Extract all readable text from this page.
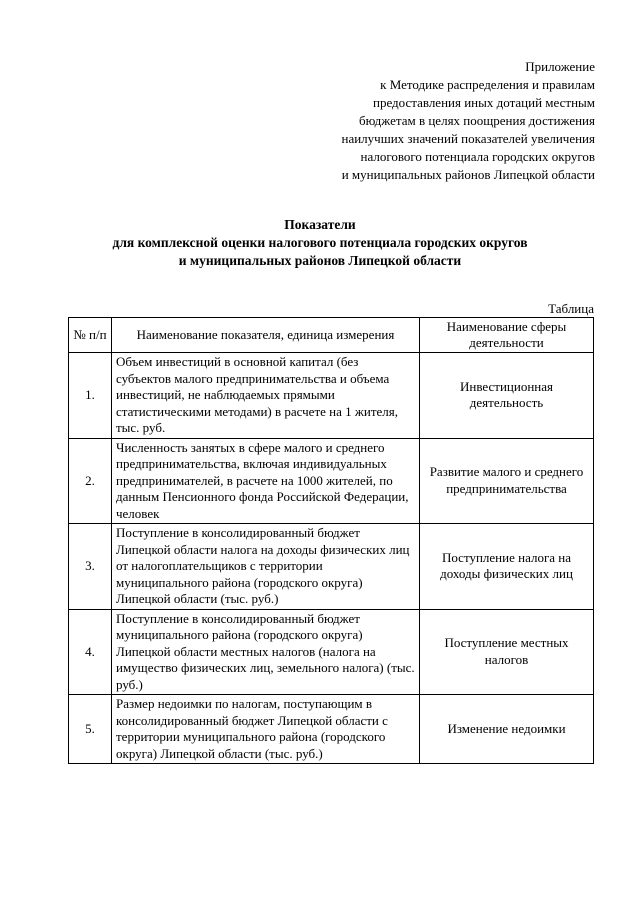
Приложение
к Методике распределения и правилам
предоставления иных дотаций местным
бюджетам в целях поощрения достижения
наилучших значений показателей увеличения
налогового потенциала городских округов
и муниципальных районов Липецкой области
Показатели
для комплексной оценки налогового потенциала городских округов
и муниципальных районов Липецкой области
Таблица
№ п/п	Наименование показателя, единица измерения	Наименование сферы деятельности
1.	Объем инвестиций в основной капитал (без субъектов малого предпринимательства и объема инвестиций, не наблюдаемых прямыми статистическими методами) в расчете на 1 жителя, тыс. руб.	Инвестиционная деятельность
2.	Численность занятых в сфере малого и среднего предпринимательства, включая индивидуальных предпринимателей, в расчете на 1000 жителей, по данным Пенсионного фонда Российской Федерации, человек	Развитие малого и среднего предпринимательства
3.	Поступление в консолидированный бюджет Липецкой области налога на доходы физических лиц от налогоплательщиков с территории муниципального района (городского округа) Липецкой области (тыс. руб.)	Поступление налога на доходы физических лиц
4.	Поступление в консолидированный бюджет муниципального района (городского округа) Липецкой области местных налогов (налога на имущество физических лиц, земельного налога) (тыс. руб.)	Поступление местных налогов
5.	Размер недоимки по налогам, поступающим в консолидированный бюджет Липецкой области с территории муниципального района (городского округа) Липецкой области (тыс. руб.)	Изменение недоимки
